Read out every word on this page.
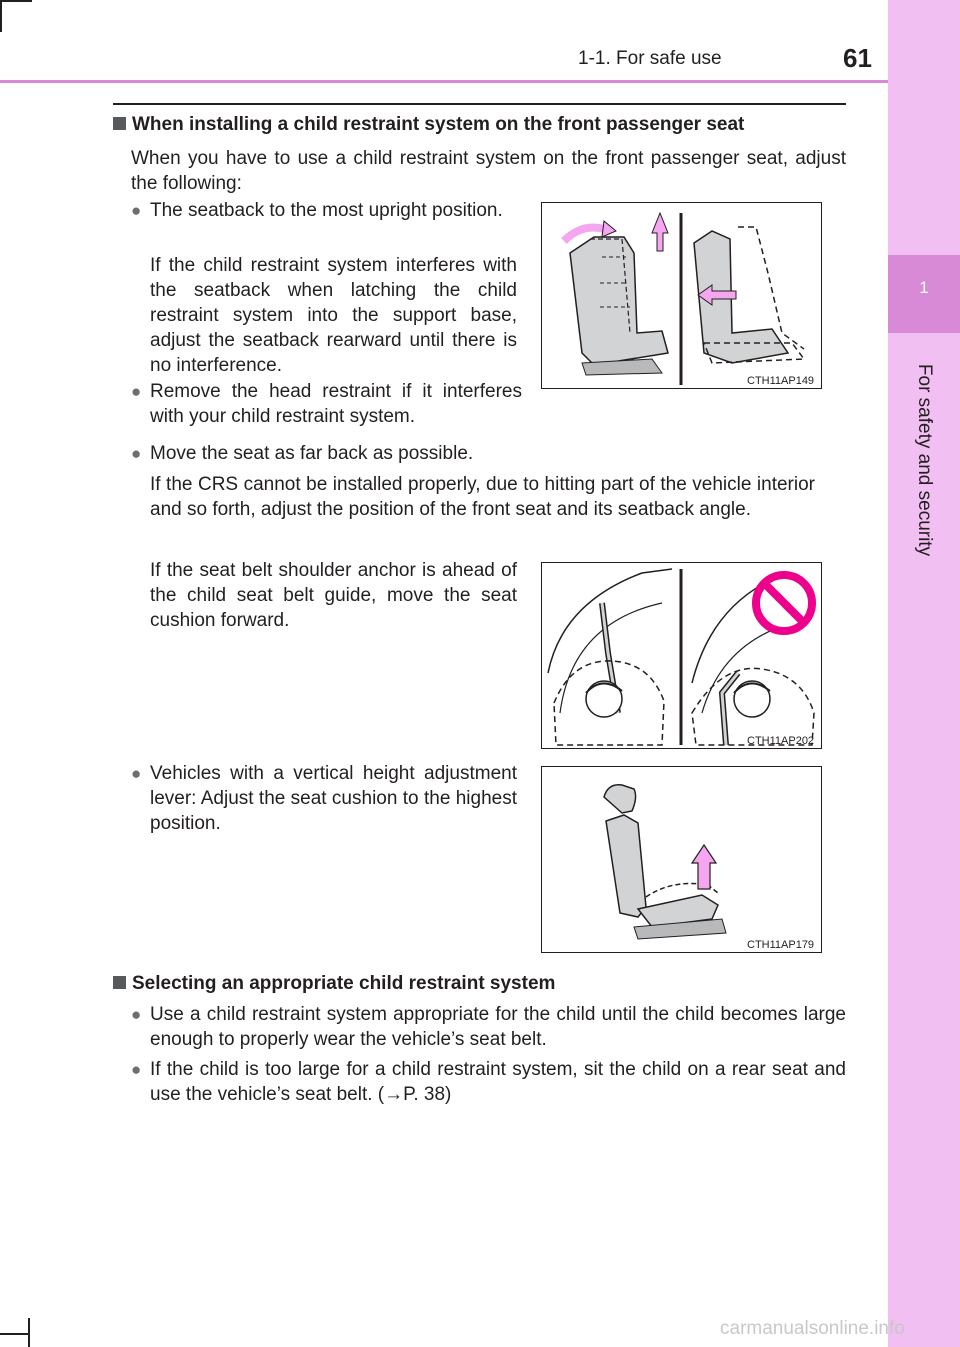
1-1. For safe use	61
1
For safety and security
When installing a child restraint system on the front passenger seat
When you have to use a child restraint system on the front passenger seat, adjust the following:
● The seatback to the most upright position.
If the child restraint system interferes with the seatback when latching the child restraint system into the support base, adjust the seatback rearward until there is no interference.
● Remove the head restraint if it interferes with your child restraint system.
● Move the seat as far back as possible.
If the CRS cannot be installed properly, due to hitting part of the vehicle interior and so forth, adjust the position of the front seat and its seatback angle.
If the seat belt shoulder anchor is ahead of the child seat belt guide, move the seat cushion forward.
● Vehicles with a vertical height adjustment lever: Adjust the seat cushion to the highest position.
CTH11AP149
CTH11AP202
CTH11AP179
Selecting an appropriate child restraint system
● Use a child restraint system appropriate for the child until the child becomes large enough to properly wear the vehicle’s seat belt.
● If the child is too large for a child restraint system, sit the child on a rear seat and use the vehicle’s seat belt. (→P. 38)
carmanualsonline.info
